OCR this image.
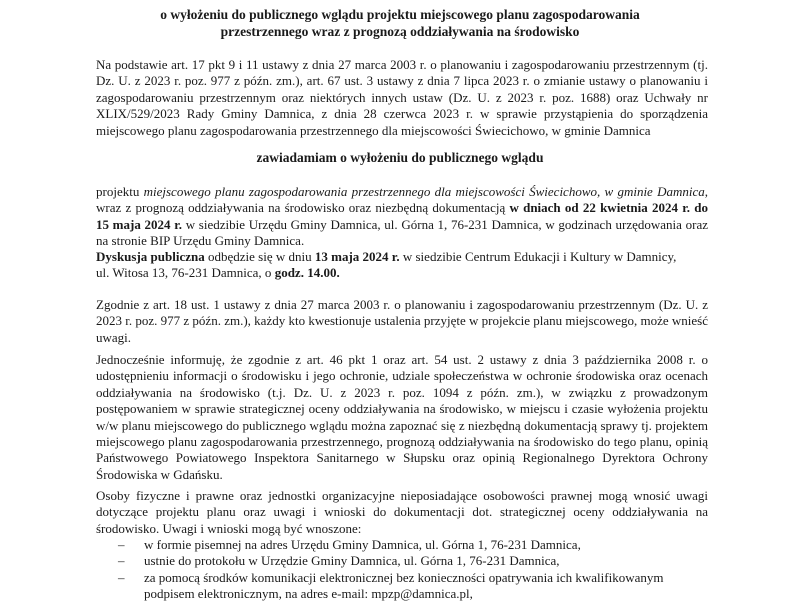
o wyłożeniu do publicznego wglądu projektu miejscowego planu zagospodarowania
przestrzennego wraz z prognozą oddziaływania na środowisko

Na podstawie art. 17 pkt 9 i 11 ustawy z dnia 27 marca 2003 r. o planowaniu i zagospodarowaniu przestrzennym (tj. Dz. U. z 2023 r. poz. 977 z późn. zm.), art. 67 ust. 3 ustawy z dnia 7 lipca 2023 r. o zmianie ustawy o planowaniu i zagospodarowaniu przestrzennym oraz niektórych innych ustaw (Dz. U. z 2023 r. poz. 1688) oraz Uchwały nr XLIX/529/2023 Rady Gminy Damnica, z dnia 28 czerwca 2023 r. w sprawie przystąpienia do sporządzenia miejscowego planu zagospodarowania przestrzennego dla miejscowości Świecichowo, w gminie Damnica

zawiadamiam o wyłożeniu do publicznego wglądu

projektu miejscowego planu zagospodarowania przestrzennego dla miejscowości Świecichowo, w gminie Damnica, wraz z prognozą oddziaływania na środowisko oraz niezbędną dokumentacją w dniach od 22 kwietnia 2024 r. do 15 maja 2024 r. w siedzibie Urzędu Gminy Damnica, ul. Górna 1, 76-231 Damnica, w godzinach urzędowania oraz na stronie BIP Urzędu Gminy Damnica.

Dyskusja publiczna odbędzie się w dniu 13 maja 2024 r. w siedzibie Centrum Edukacji i Kultury w Damnicy,
ul. Witosa 13, 76-231 Damnica, o godz. 14.00.

Zgodnie z art. 18 ust. 1 ustawy z dnia 27 marca 2003 r. o planowaniu i zagospodarowaniu przestrzennym (Dz. U. z 2023 r. poz. 977 z późn. zm.), każdy kto kwestionuje ustalenia przyjęte w projekcie planu miejscowego, może wnieść uwagi.

Jednocześnie informuję, że zgodnie z art. 46 pkt 1 oraz art. 54 ust. 2 ustawy z dnia 3 października 2008 r. o udostępnieniu informacji o środowisku i jego ochronie, udziale społeczeństwa w ochronie środowiska oraz ocenach oddziaływania na środowisko (t.j. Dz. U. z 2023 r. poz. 1094 z późn. zm.), w związku z prowadzonym postępowaniem w sprawie strategicznej oceny oddziaływania na środowisko, w miejscu i czasie wyłożenia projektu w/w planu miejscowego do publicznego wglądu można zapoznać się z niezbędną dokumentacją sprawy tj. projektem miejscowego planu zagospodarowania przestrzennego, prognozą oddziaływania na środowisko do tego planu, opinią Państwowego Powiatowego Inspektora Sanitarnego w Słupsku oraz opinią Regionalnego Dyrektora Ochrony Środowiska w Gdańsku.

Osoby fizyczne i prawne oraz jednostki organizacyjne nieposiadające osobowości prawnej mogą wnosić uwagi dotyczące projektu planu oraz uwagi i wnioski do dokumentacji dot. strategicznej oceny oddziaływania na środowisko. Uwagi i wnioski mogą być wnoszone:

– w formie pisemnej na adres Urzędu Gminy Damnica, ul. Górna 1, 76-231 Damnica,
– ustnie do protokołu w Urzędzie Gminy Damnica, ul. Górna 1, 76-231 Damnica,
– za pomocą środków komunikacji elektronicznej bez konieczności opatrywania ich kwalifikowanym
podpisem elektronicznym, na adres e-mail: mpzp@damnica.pl,
